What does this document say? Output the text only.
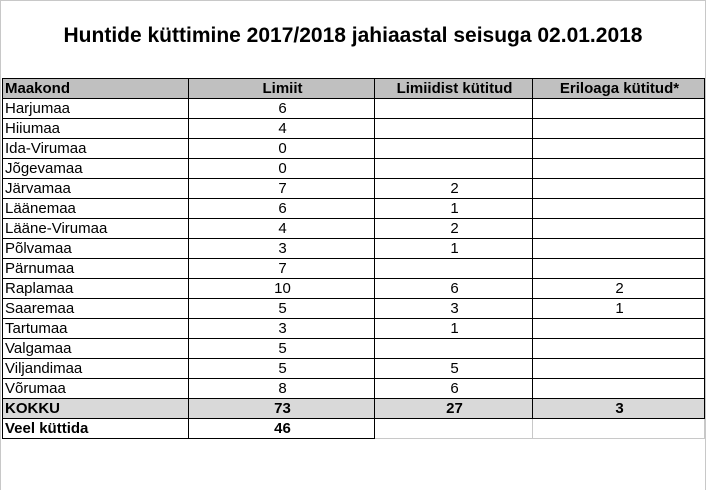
Huntide küttimine 2017/2018 jahiaastal seisuga 02.01.2018
Maakond	Limiit	Limiidist kütitud	Eriloaga kütitud*
Harjumaa	6		
Hiiumaa	4		
Ida-Virumaa	0		
Jõgevamaa	0		
Järvamaa	7	2	
Läänemaa	6	1	
Lääne-Virumaa	4	2	
Põlvamaa	3	1	
Pärnumaa	7		
Raplamaa	10	6	2
Saaremaa	5	3	1
Tartumaa	3	1	
Valgamaa	5		
Viljandimaa	5	5	
Võrumaa	8	6	
KOKKU	73	27	3
Veel küttida	46		
